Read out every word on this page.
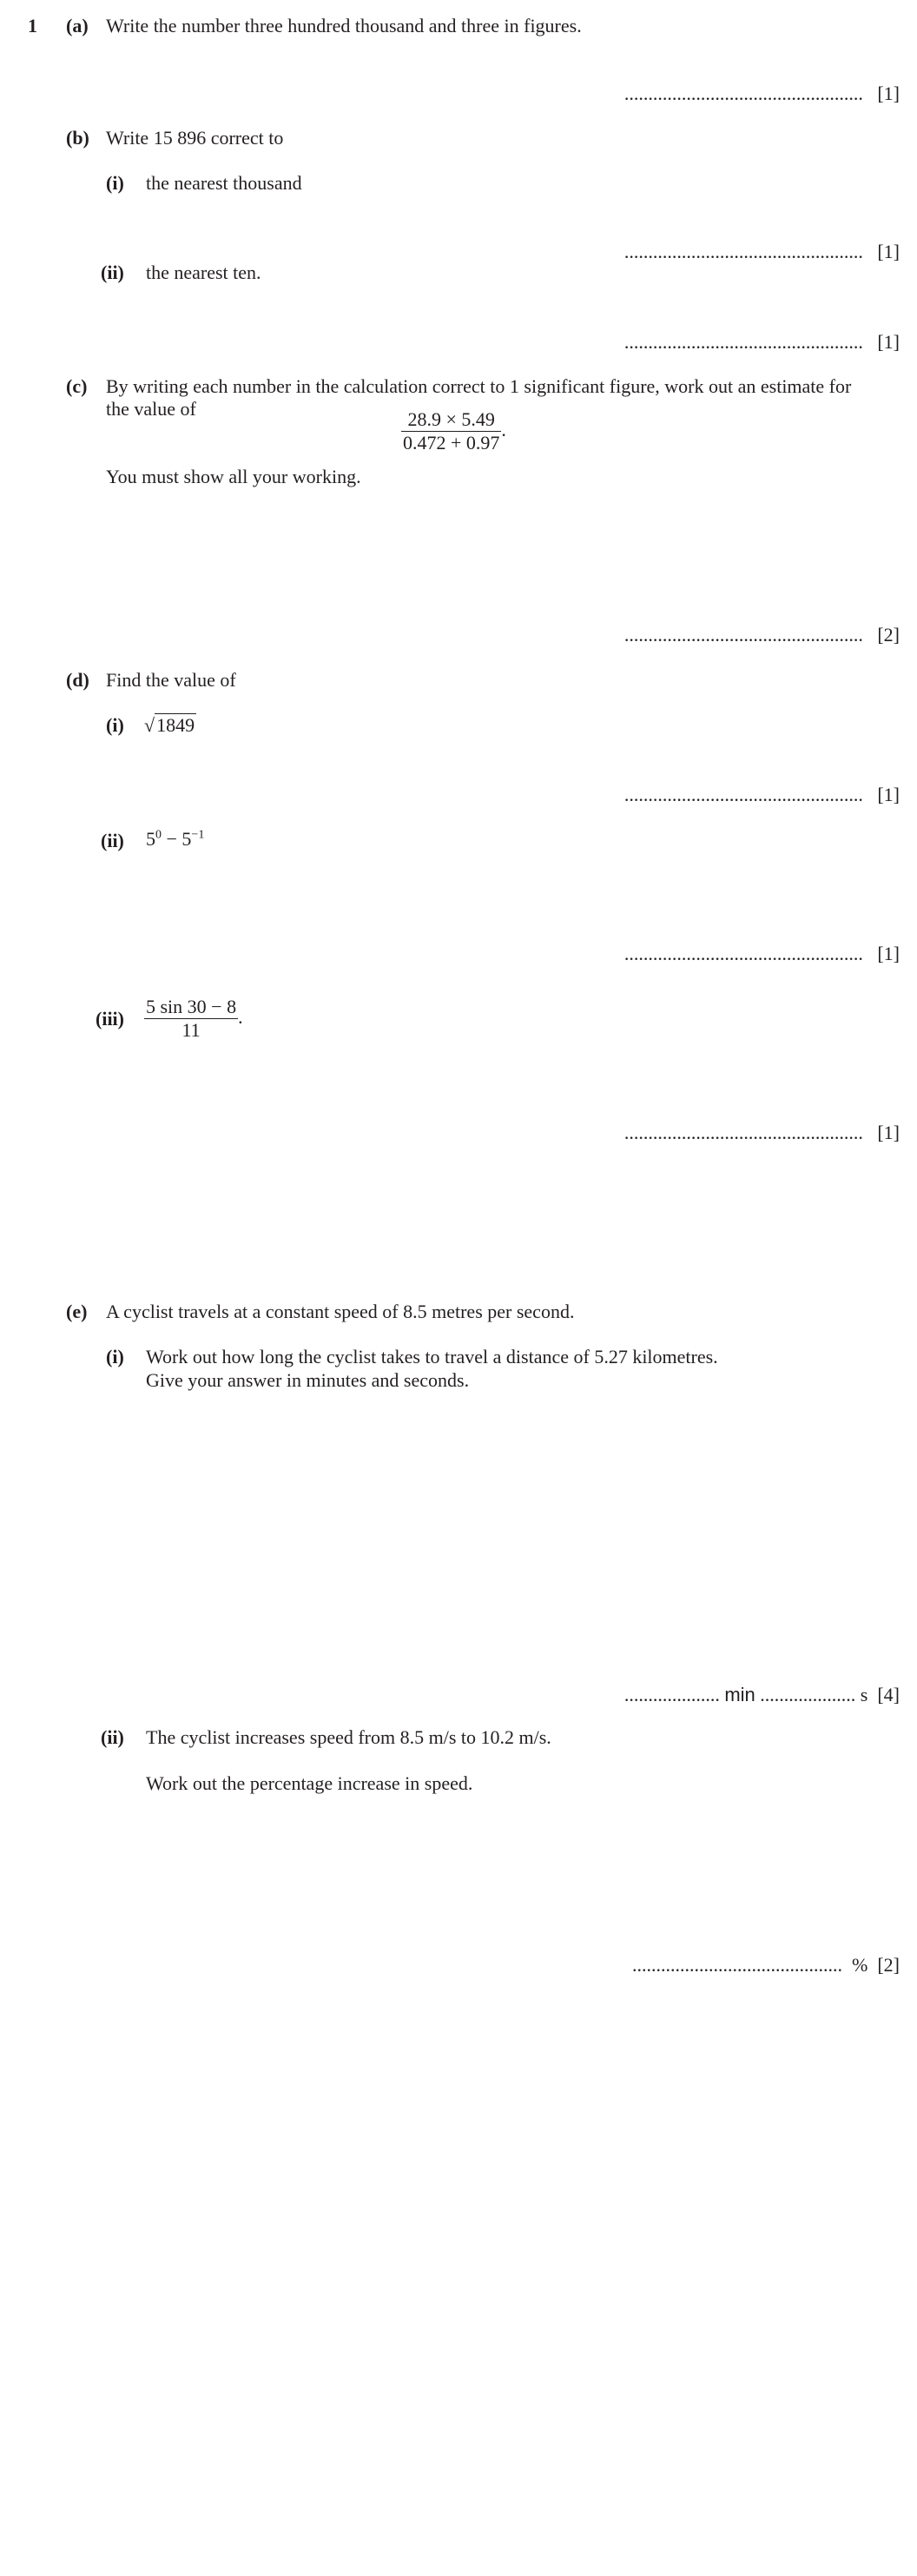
1 (a) Write the number three hundred thousand and three in figures.
.................................................. [1]
(b) Write 15 896 correct to
(i) the nearest thousand
.................................................. [1]
(ii) the nearest ten.
.................................................. [1]
(c) By writing each number in the calculation correct to 1 significant figure, work out an estimate for
the value of	$\frac{28.9 \times 5.49}{0.472 + 0.97}$ .
You must show all your working.
.................................................. [2]
(d) Find the value of
(i) √1849
.................................................. [1]
(ii) $5^0 - 5^{-1}$
.................................................. [1]
$(iii) \frac{5 \sin 30 - 8}{11}$ .
.................................................. [1]
(e) A cyclist travels at a constant speed of 8.5 metres per second.
(i) Work out how long the cyclist takes to travel a distance of 5.27 kilometres.
Give your answer in minutes and seconds.
.................... min .................... s [4]
(ii) The cyclist increases speed from 8.5 m/s to 10.2 m/s.
Work out the percentage increase in speed.
............................................ % [2]
